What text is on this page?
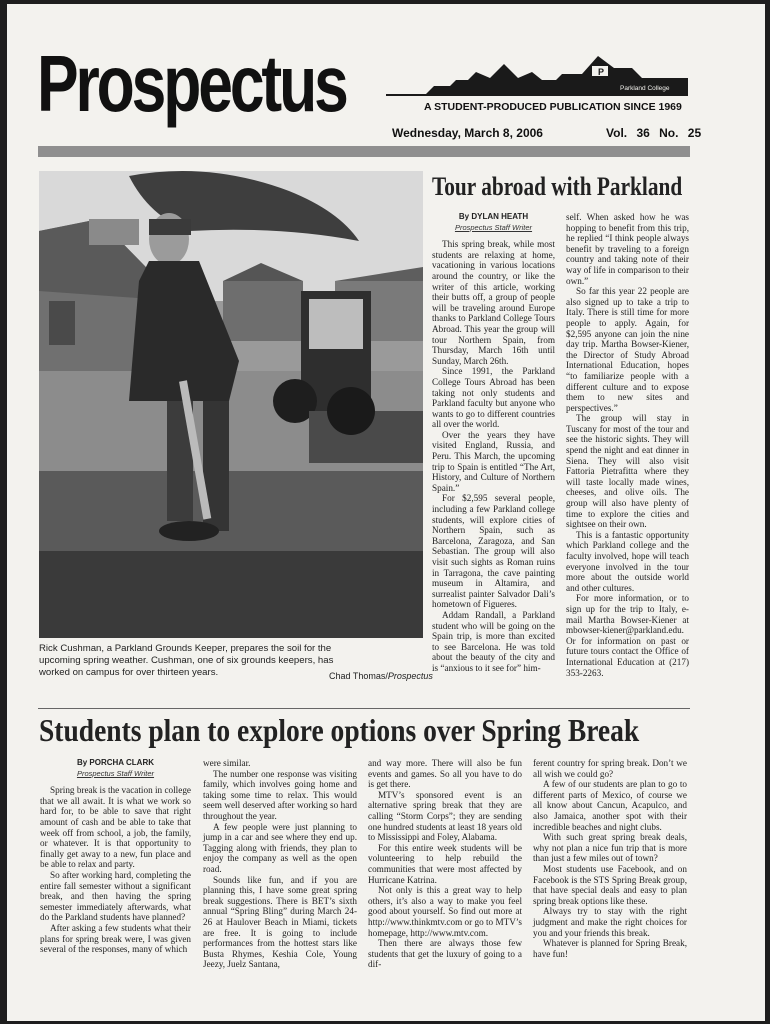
Prospectus	P
Parkland College
A STUDENT-PRODUCED PUBLICATION SINCE 1969
Wednesday, March 8, 2006	Vol. 36 No. 25
Rick Cushman, a Parkland Grounds Keeper, prepares the soil for the upcoming spring weather. Cushman, one of six grounds keepers, has worked on campus for over thirteen years.	Chad Thomas/Prospectus
Tour abroad with Parkland
By DYLAN HEATH
Prospectus Staff Writer

This spring break, while most students are relaxing at home, vacationing in various locations around the country, or like the writer of this article, working their butts off, a group of people will be traveling around Europe thanks to Parkland College Tours Abroad. This year the group will tour Northern Spain, from Thursday, March 16th until Sunday, March 26th.

Since 1991, the Parkland College Tours Abroad has been taking not only students and Parkland faculty but anyone who wants to go to different countries all over the world.

Over the years they have visited England, Russia, and Peru. This March, the upcoming trip to Spain is entitled “The Art, History, and Culture of Northern Spain.”

For $2,595 several people, including a few Parkland college students, will explore cities of Northern Spain, such as Barcelona, Zaragoza, and San Sebastian. The group will also visit such sights as Roman ruins in Tarragona, the cave painting museum in Altamira, and surrealist painter Salvador Dali’s hometown of Figueres.

Addam Randall, a Parkland student who will be going on the Spain trip, is more than excited to see Barcelona. He was told about the beauty of the city and is “anxious to it see for” him-

self. When asked how he was hopping to benefit from this trip, he replied “I think people always benefit by traveling to a foreign country and taking note of their way of life in comparison to their own.”

So far this year 22 people are also signed up to take a trip to Italy. There is still time for more people to apply. Again, for $2,595 anyone can join the nine day trip. Martha Bowser-Kiener, the Director of Study Abroad International Education, hopes “to familiarize people with a different culture and to expose them to new sites and perspectives.”

The group will stay in Tuscany for most of the tour and see the historic sights. They will spend the night and eat dinner in Siena. They will also visit Fattoria Pietrafitta where they will taste locally made wines, cheeses, and olive oils. The group will also have plenty of time to explore the cities and sightsee on their own.

This is a fantastic opportunity which Parkland college and the faculty involved, hope will teach everyone involved in the tour more about the outside world and other cultures.

For more information, or to sign up for the trip to Italy, e-mail Martha Bowser-Kiener at mbowser-kiener@parkland.edu. Or for information on past or future tours contact the Office of International Education at (217) 353-2263.

Students plan to explore options over Spring Break
By PORCHA CLARK
Prospectus Staff Writer

Spring break is the vacation in college that we all await. It is what we work so hard for, to be able to save that right amount of cash and be able to take that week off from school, a job, the family, or whatever. It is that opportunity to finally get away to a new, fun place and be able to relax and party.

So after working hard, completing the entire fall semester without a significant break, and then having the spring semester immediately afterwards, what do the Parkland students have planned?

After asking a few students what their plans for spring break were, I was given several of the responses, many of which

were similar.

The number one response was visiting family, which involves going home and taking some time to relax. This would seem well deserved after working so hard throughout the year.

A few people were just planning to jump in a car and see where they end up. Tagging along with friends, they plan to enjoy the company as well as the open road.

Sounds like fun, and if you are planning this, I have some great spring break suggestions. There is BET’s sixth annual “Spring Bling” during March 24-26 at Haulover Beach in Miami, tickets are free. It is going to include performances from the hottest stars like Busta Rhymes, Keshia Cole, Young Jeezy, Juelz Santana,

and way more. There will also be fun events and games. So all you have to do is get there.

MTV’s sponsored event is an alternative spring break that they are calling “Storm Corps”; they are sending one hundred students at least 18 years old to Mississippi and Foley, Alabama.

For this entire week students will be volunteering to help rebuild the communities that were most affected by Hurricane Katrina.

Not only is this a great way to help others, it’s also a way to make you feel good about yourself. So find out more at http://www.thinkmtv.com or go to MTV’s homepage, http://www.mtv.com.

Then there are always those few students that get the luxury of going to a dif-

ferent country for spring break. Don’t we all wish we could go?

A few of our students are plan to go to different parts of Mexico, of course we all know about Cancun, Acapulco, and also Jamaica, another spot with their incredible beaches and night clubs.

With such great spring break deals, why not plan a nice fun trip that is more than just a few miles out of town?

Most students use Facebook, and on Facebook is the STS Spring Break group, that have special deals and easy to plan spring break options like these.

Always try to stay with the right judgment and make the right choices for you and your friends this break.

Whatever is planned for Spring Break, have fun!
